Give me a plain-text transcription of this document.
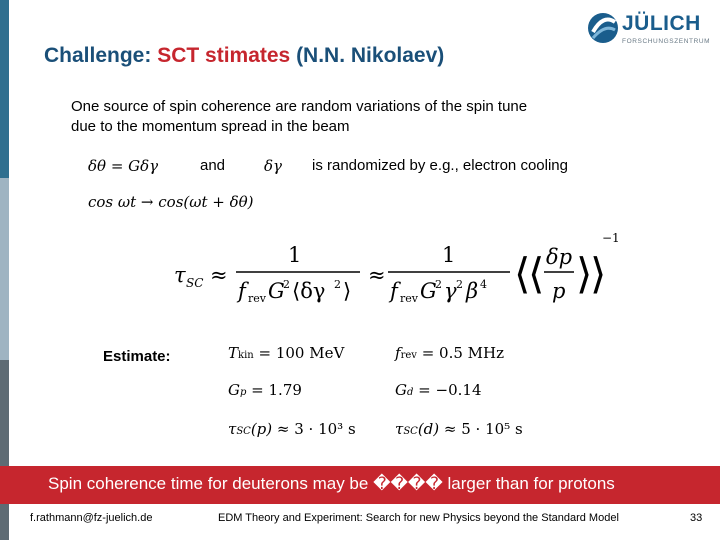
Challenge: SCT stimates (N.N. Nikolaev)
JÜLICH
FORSCHUNGSZENTRUM
One source of spin coherence are random variations of the spin tune
due to the momentum spread in the beam
δθ = Gδγ	and	δγ is randomized by e.g., electron cooling
cos ωt → cos(ωt + δθ)
τ SC ≈
1
f rev G
2 ⟨δγ 2 ⟩
≈
1
f rev G
2 γ 2 β 4 ⟨
⟨ δp
p ⟩
⟩
−1
Estimate:	Tkin = 100 MeV	frev = 0.5 MHz
Gp = 1.79	Gd = −0.14
τSC(p) ≈ 3 · 10³ s	τSC(d) ≈ 5 · 10⁵ s
Spin coherence time for deuterons may be ���� larger than for protons
f.rathmann@fz-juelich.de	EDM Theory and Experiment: Search for new Physics beyond the Standard Model	33
